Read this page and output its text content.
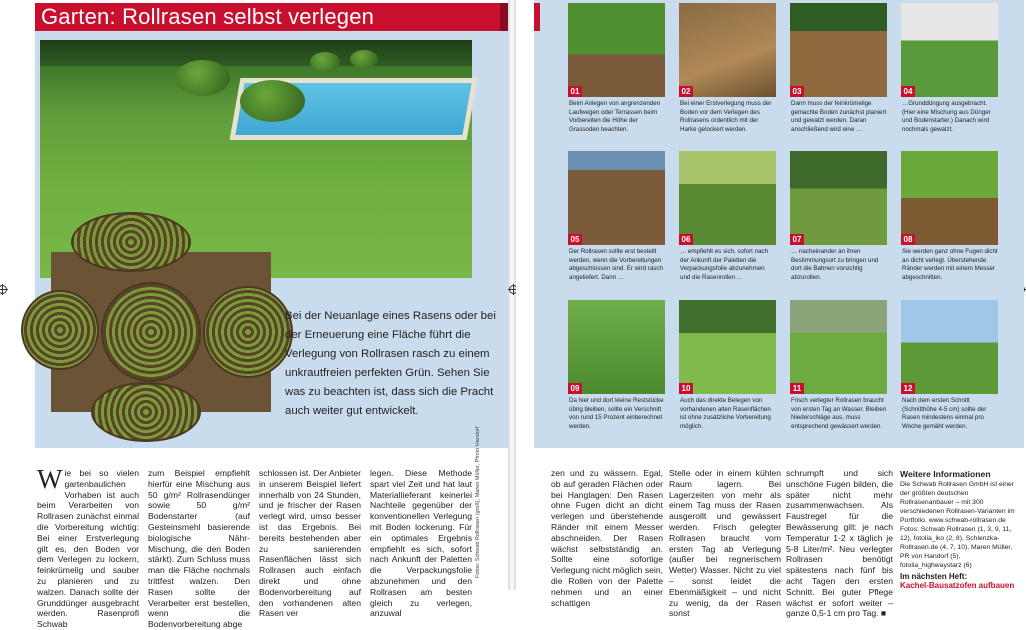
Garten: Rollrasen selbst verlegen
Bei der Neuanlage eines Rasens oder bei der Erneuerung eine Fläche führt die Verlegung von Rollrasen rasch zu einem unkrautfreien perfekten Grün. Sehen Sie was zu beachten ist, dass sich die Pracht auch weiter gut entwickelt.
Fotos: Schwab Rollrasen (groß), Maren Müller, Pfrom Handorf
Wie bei so vielen gartenbaulichen Vorhaben ist auch beim Verarbeiten von Rollrasen zunächst einmal die Vorbereitung wichtig: Bei einer Erstverlegung gilt es, den Boden vor dem Verlegen zu lockern, feinkrümelig und sauber zu planieren und zu walzen. Danach sollte der Grunddünger ausgebracht werden. Rasenprofi Schwab
zum Beispiel empfiehlt hierfür eine Mischung aus 50 g/m² Rollrasendünger sowie 50 g/m² Bodenstarter (auf Gesteinsmehl basierende biologische Nähr-Mischung, die den Boden stärkt). Zum Schluss muss man die Fläche nochmals trittfest walzen. Den Rasen sollte der Verarbeiter erst bestellen, wenn die Bodenvorbereitung abge
schlossen ist. Der Anbieter in unserem Beispiel liefert innerhalb von 24 Stunden, und je frischer der Rasen verlegt wird, umso besser ist das Ergebnis. Bei bereits bestehenden aber zu sanierenden Rasenflächen lässt sich Rollrasen auch einfach direkt und ohne Bodenvorbereitung auf den vorhandenen alten Rasen ver
legen. Diese Methode spart viel Zeit und hat laut Materiallieferant keinerlei Nachteile gegenüber der konventionellen Verlegung mit Boden lockerung. Für ein optimales Ergebnis empfiehlt es sich, sofort nach Ankunft der Paletten die Verpackungsfolie abzunehmen und den Rollrasen am besten gleich zu verlegen, anzuwal
01
Beim Anlegen von angrenzenden Laufwegen oder Terrassen beim Vorbereiten die Höhe der Grassoden beachten.
02
Bei einer Erstverlegung muss der Boden vor dem Verlegen des Rollrasens ordentlich mit der Harke gelockert werden.
03
Dann muss der feinkrümelige gemachte Boden zunächst planiert und gewalzt werden. Daran anschließend wird eine …
04
…Grunddüngung ausgebracht. (Hier eine Mischung aus Dünger und Bodenstarter.) Danach wird nochmals gewalzt.
05
Der Rollrasen sollte erst bestellt werden, wenn die Vorbereitungen abgeschlossen sind. Er wird rasch angeliefert. Dann …
06
… empfiehlt es sich, sofort nach der Ankunft der Paletten die Verpackungsfolie abzunehmen und die Rasenrollen …
07
… nacheinander an ihren Bestimmungsort zu bringen und dort die Bahnen vorsichtig abzurollen.
08
Sie werden ganz ohne Fugen dicht an dicht verlegt. Überstehende Ränder werden mit einem Messer abgeschnitten.
09
Da hier und dort kleine Reststücke übrig bleiben, sollte ein Verschnitt von rund 15 Prozent einberechnet werden.
10
Auch das direkte Belegen von vorhandenen alten Rasenflächen ist ohne zusätzliche Vorbereitung möglich.
11
Frisch verlegter Rollrasen braucht von ersten Tag an Wasser. Bleiben Niederschläge aus, muss entsprechend gewässert werden.
12
Nach dem ersten Schnitt (Schnitthöhe 4-5 cm) sollte der Rasen mindestens einmal pro Woche gemäht werden.
zen und zu wässern. Egal, ob auf geraden Flächen oder bei Hanglagen: Den Rasen ohne Fugen dicht an dicht verlegen und überstehende Ränder mit einem Messer abschneiden. Der Rasen wächst selbstständig an. Sollte eine sofortige Verlegung nicht möglich sein, die Rollen von der Palette nehmen und an einer schattigen
Stelle oder in einem kühlen Raum lagern. Bei Lagerzeiten von mehr als einem Tag muss der Rasen ausgerollt und gewässert werden. Frisch gelegter Rollrasen braucht vom ersten Tag ab Verlegung (außer bei regnerischem Wetter) Wasser. Nicht zu viel – sonst leidet die Ebenmäßigkeit – und nicht zu wenig, da der Rasen sonst
schrumpft und sich unschöne Fugen bilden, die später nicht mehr zusammenwachsen. Als Faustregel für die Bewässerung gilt: je nach Temperatur 1-2 x täglich je 5-8 Liter/m². Neu verlegter Rollrasen benötigt spätestens nach fünf bis acht Tagen den ersten Schnitt. Bei guter Pflege wächst er sofort weiter – ganze 0,5-1 cm pro Tag. ■
Weitere Informationen
Die Schwab Rollrasen GmbH ist einer der größten deutschen Rollrasenanbauer – mit 300 verschiedenen Rollrasen-Varianten im Portfolio. www.schwab-rollrasen.de Fotos: Schwab Rollrasen (1, 3, 9, 11, 12), fotolia_iko (2, 8), Schlenzka-Rollrasen.de (4, 7, 10), Maren Müller, PR von Handorf (5), fotolia_highwaystarz (6)
Im nächsten Heft:
Kachel-Bausatzofen aufbauen
